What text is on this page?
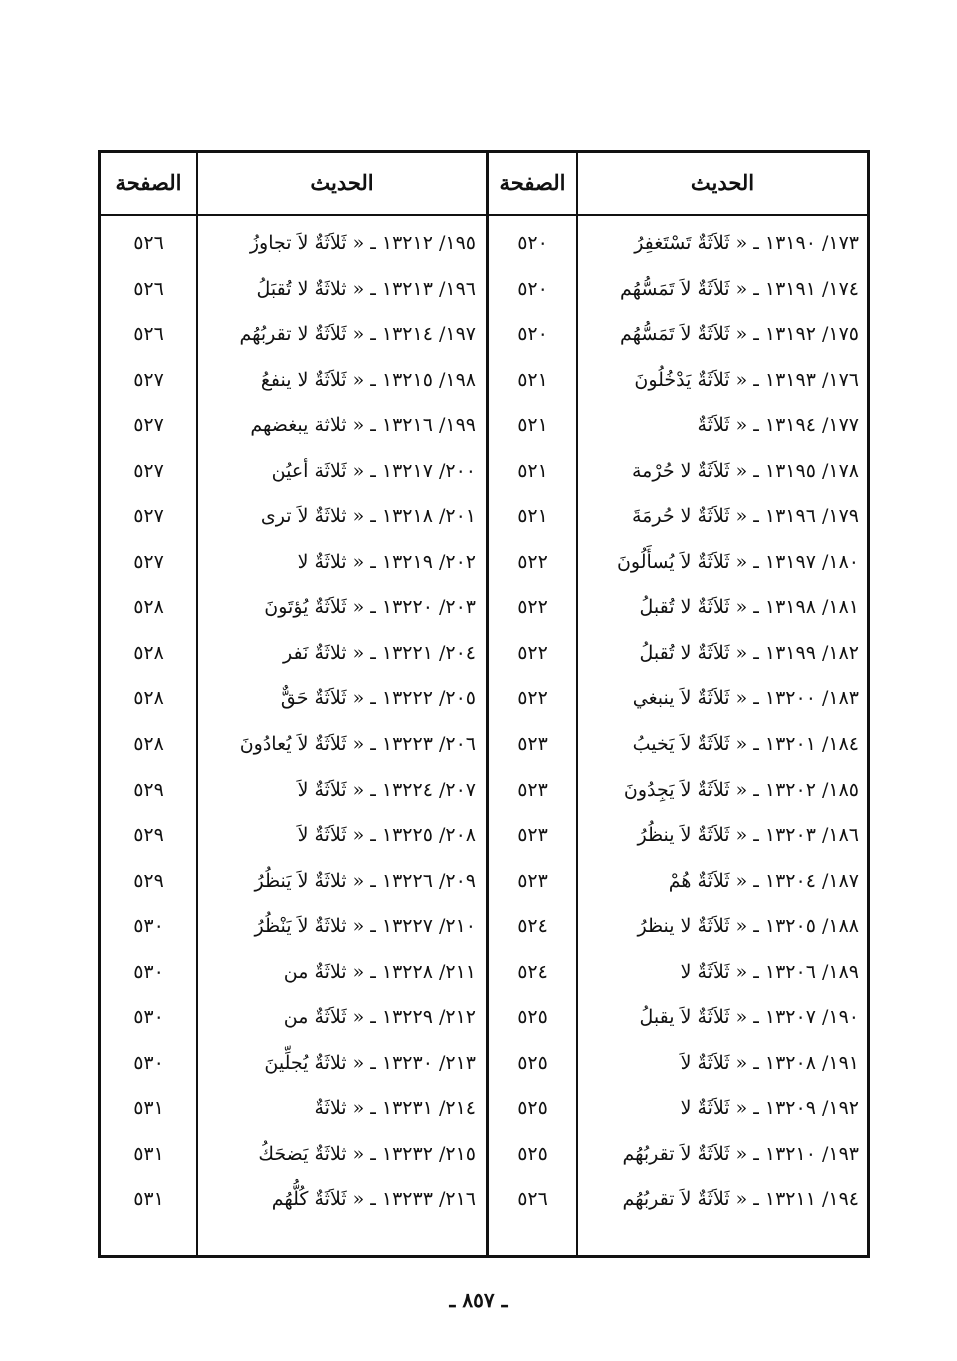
الصفحة	الحديث	الصفحة	الحديث
٥٢٦	١٩٥/ ١٣٢١٢ ـ « ثَلاَثَةٌ لاَ تجاوزُ	٥٢٠	١٧٣/ ١٣١٩٠ ـ « ثَلاَثَةٌ تَسْتَغفِرُ
٥٢٦	١٩٦/ ١٣٢١٣ ـ « ثلاثَةٌ لا تُقبَلُ	٥٢٠	١٧٤/ ١٣١٩١ ـ « ثَلاَثَةٌ لاَ تَمَسُّهُم
٥٢٦	١٩٧/ ١٣٢١٤ ـ « ثَلاَثَةٌ لا تقربُهُم	٥٢٠	١٧٥/ ١٣١٩٢ ـ « ثَلاَثَةٌ لاَ تَمَسُّهُم
٥٢٧	١٩٨/ ١٣٢١٥ ـ « ثَلاَثَةٌ لا ينفعُ	٥٢١	١٧٦/ ١٣١٩٣ ـ « ثَلاَثَةٌ يَدْخُلُونَ
٥٢٧	١٩٩/ ١٣٢١٦ ـ « ثلاثة يبغضهم	٥٢١	١٧٧/ ١٣١٩٤ ـ « ثَلاَثَةٌ
٥٢٧	٢٠٠/ ١٣٢١٧ ـ « ثَلاثَة أعيُن	٥٢١	١٧٨/ ١٣١٩٥ ـ « ثَلاَثَةٌ لا حُرْمة
٥٢٧	٢٠١/ ١٣٢١٨ ـ « ثلاثَةٌ لاَ ترى	٥٢١	١٧٩/ ١٣١٩٦ ـ « ثَلاَثَةٌ لا حُرمَةَ
٥٢٧	٢٠٢/ ١٣٢١٩ ـ « ثلاثَةٌ لا	٥٢٢	١٨٠/ ١٣١٩٧ ـ « ثَلاَثَةٌ لاَ يُسأَلُونَ
٥٢٨	٢٠٣/ ١٣٢٢٠ ـ « ثَلاَثَةٌ يُؤتَونَ	٥٢٢	١٨١/ ١٣١٩٨ ـ « ثَلاَثَةٌ لا تُقبلُ
٥٢٨	٢٠٤/ ١٣٢٢١ ـ « ثلاثَةٌ نَفر	٥٢٢	١٨٢/ ١٣١٩٩ ـ « ثَلاَثَةٌ لا تُقبلُ
٥٢٨	٢٠٥/ ١٣٢٢٢ ـ « ثَلاَثَةٌ حَقٌّ	٥٢٢	١٨٣/ ١٣٢٠٠ ـ « ثَلاَثَةٌ لاَ ينبغي
٥٢٨	٢٠٦/ ١٣٢٢٣ ـ « ثَلاَثَةٌ لاَ يُعادُونَ	٥٢٣	١٨٤/ ١٣٢٠١ ـ « ثَلاَثَةٌ لاَ يَخيبُ
٥٢٩	٢٠٧/ ١٣٢٢٤ ـ « ثَلاَثَةٌ لاَ	٥٢٣	١٨٥/ ١٣٢٠٢ ـ « ثَلاَثَةٌ لاَ يَجِدُونَ
٥٢٩	٢٠٨/ ١٣٢٢٥ ـ « ثَلاَثَةٌ لاَ	٥٢٣	١٨٦/ ١٣٢٠٣ ـ « ثَلاَثَةٌ لاَ ينظُرُ
٥٢٩	٢٠٩/ ١٣٢٢٦ ـ « ثلاثَةٌ لاَ يَنظُرُ	٥٢٣	١٨٧/ ١٣٢٠٤ ـ « ثَلاَثَةٌ هُمْ
٥٣٠	٢١٠/ ١٣٢٢٧ ـ « ثلاثَةٌ لاَ يَنْظُرُ	٥٢٤	١٨٨/ ١٣٢٠٥ ـ « ثَلاَثَةٌ لا ينظرُ
٥٣٠	٢١١/ ١٣٢٢٨ ـ « ثلاثَةٌ من	٥٢٤	١٨٩/ ١٣٢٠٦ ـ « ثَلاَثَةٌ لا
٥٣٠	٢١٢/ ١٣٢٢٩ ـ « ثَلاَثَةٌ من	٥٢٥	١٩٠/ ١٣٢٠٧ ـ « ثَلاَثَةٌ لاَ يقبلُ
٥٣٠	٢١٣/ ١٣٢٣٠ ـ « ثلاثَةٌ يُجلِّينَ	٥٢٥	١٩١/ ١٣٢٠٨ ـ « ثَلاَثَةٌ لاَ
٥٣١	٢١٤/ ١٣٢٣١ ـ « ثلاثَةٌ	٥٢٥	١٩٢/ ١٣٢٠٩ ـ « ثَلاَثَةٌ لا
٥٣١	٢١٥/ ١٣٢٣٢ ـ « ثلاثَةٌ يَضحَكُ	٥٢٥	١٩٣/ ١٣٢١٠ ـ « ثَلاَثَةٌ لاَ تقربُهُم
٥٣١	٢١٦/ ١٣٢٣٣ ـ « ثَلاَثَةٌ كُلُّهُم	٥٢٦	١٩٤/ ١٣٢١١ ـ « ثَلاَثَةٌ لاَ تقربُهُم
ـ ٨٥٧ ـ
